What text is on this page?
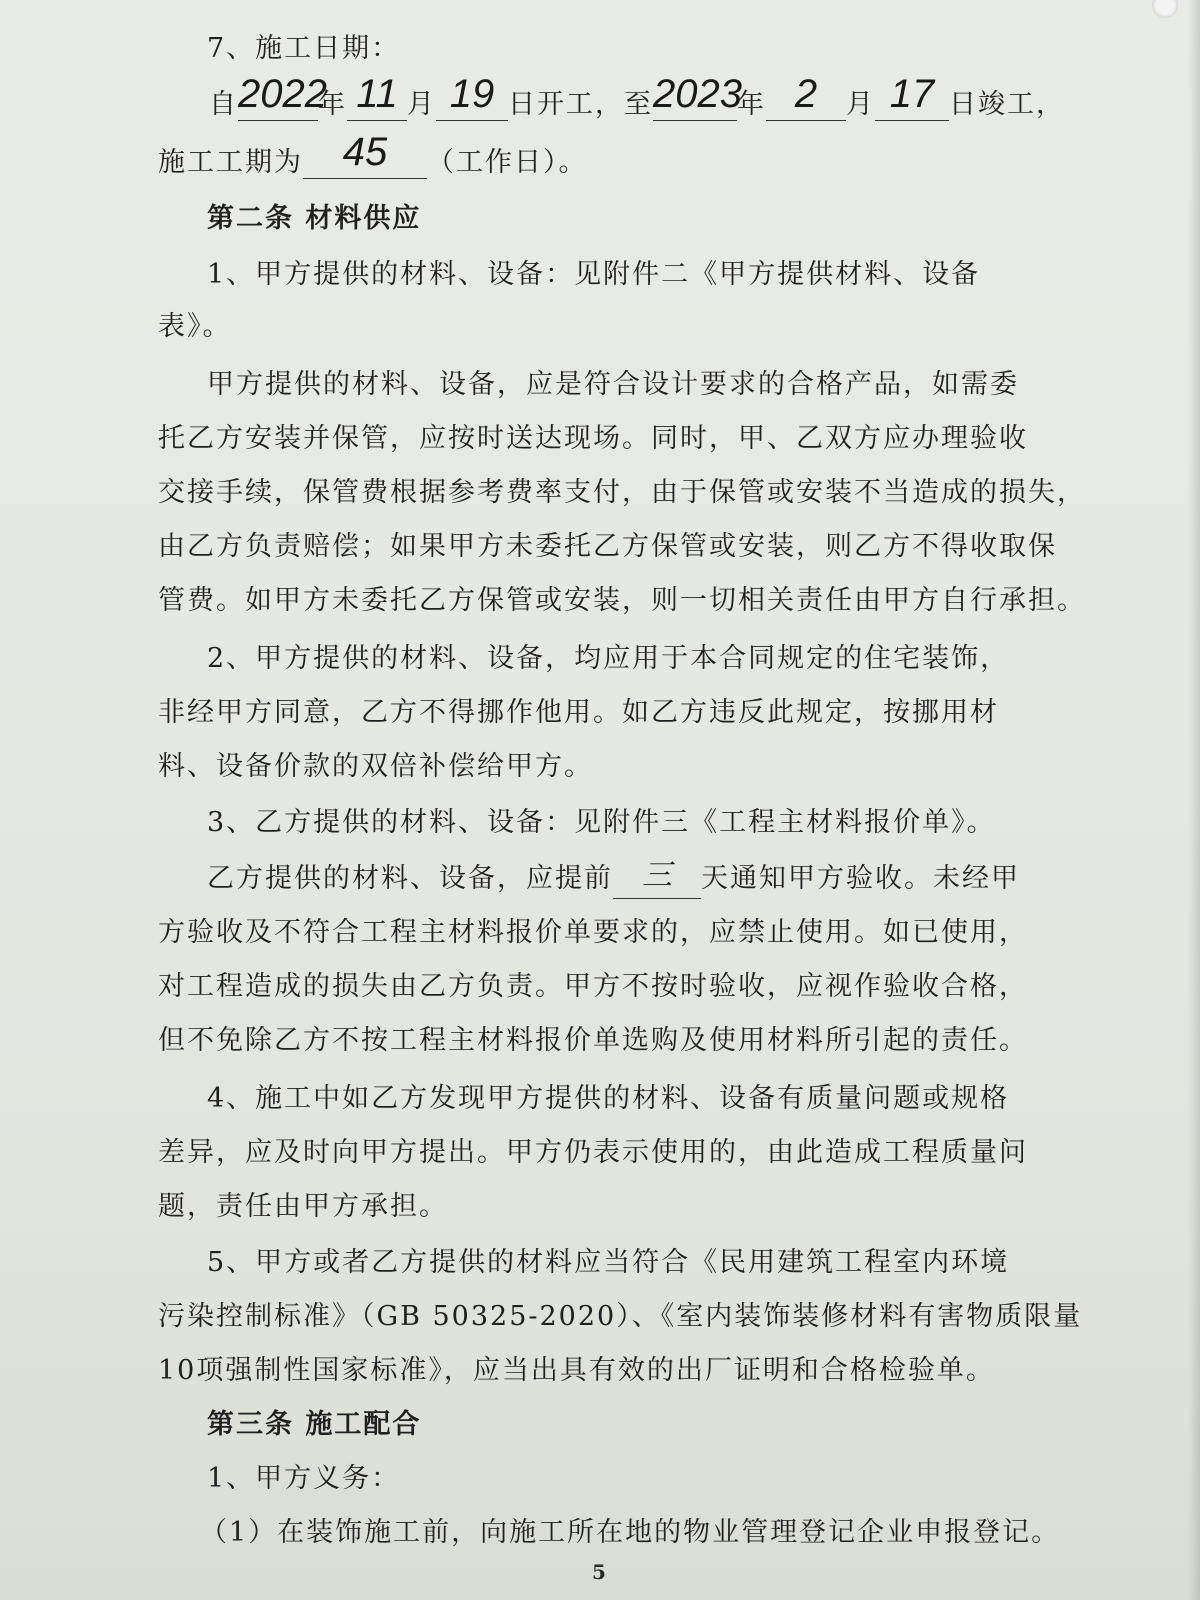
7、施工日期：
自2022年 11 月 19 日开工，至2023年 2 月 17 日竣工，
施工工期为 45 （工作日）。
第二条 材料供应
1、甲方提供的材料、设备：见附件二《甲方提供材料、设备
表》。
甲方提供的材料、设备，应是符合设计要求的合格产品，如需委
托乙方安装并保管，应按时送达现场。同时，甲、乙双方应办理验收
交接手续，保管费根据参考费率支付，由于保管或安装不当造成的损失，
由乙方负责赔偿；如果甲方未委托乙方保管或安装，则乙方不得收取保
管费。如甲方未委托乙方保管或安装，则一切相关责任由甲方自行承担。
2、甲方提供的材料、设备，均应用于本合同规定的住宅装饰，
非经甲方同意，乙方不得挪作他用。如乙方违反此规定，按挪用材
料、设备价款的双倍补偿给甲方。
3、乙方提供的材料、设备：见附件三《工程主材料报价单》。
乙方提供的材料、设备，应提前 三 天通知甲方验收。未经甲
方验收及不符合工程主材料报价单要求的，应禁止使用。如已使用，
对工程造成的损失由乙方负责。甲方不按时验收，应视作验收合格，
但不免除乙方不按工程主材料报价单选购及使用材料所引起的责任。
4、施工中如乙方发现甲方提供的材料、设备有质量问题或规格
差异，应及时向甲方提出。甲方仍表示使用的，由此造成工程质量问
题，责任由甲方承担。
5、甲方或者乙方提供的材料应当符合《民用建筑工程室内环境
污染控制标准》（GB 50325-2020）、《室内装饰装修材料有害物质限量
10项强制性国家标准》，应当出具有效的出厂证明和合格检验单。
第三条 施工配合
1、甲方义务：
（1）在装饰施工前，向施工所在地的物业管理登记企业申报登记。
5
